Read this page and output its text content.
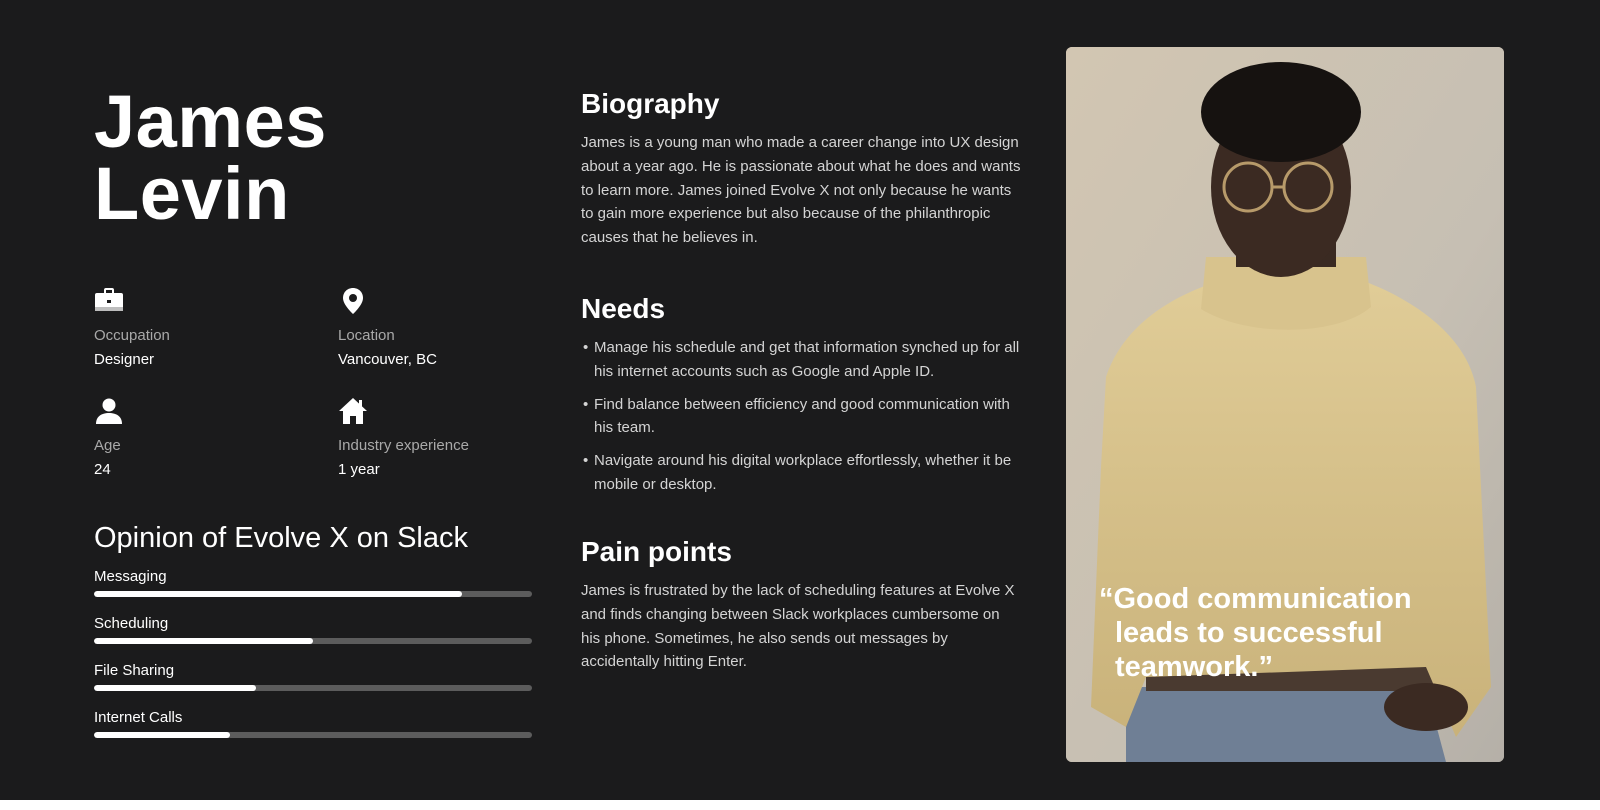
James
Levin
Occupation
Designer
Location
Vancouver, BC
Age
24
Industry experience
1 year
Opinion of Evolve X on Slack
Messaging
Scheduling
File Sharing
Internet Calls
Biography

James is a young man who made a career change into UX design about a year ago. He is passionate about what he does and wants to learn more. James joined Evolve X not only because he wants to gain more experience but also because of the philanthropic causes that he believes in.

Needs
• Manage his schedule and get that information synched up for all his internet accounts such as Google and Apple ID.
• Find balance between efficiency and good communication with his team.
• Navigate around his digital workplace effortlessly, whether it be mobile or desktop.
Pain points

James is frustrated by the lack of scheduling features at Evolve X and finds changing between Slack workplaces cumbersome on his phone. Sometimes, he also sends out messages by accidentally hitting Enter.

“Good communication leads to successful teamwork.”
